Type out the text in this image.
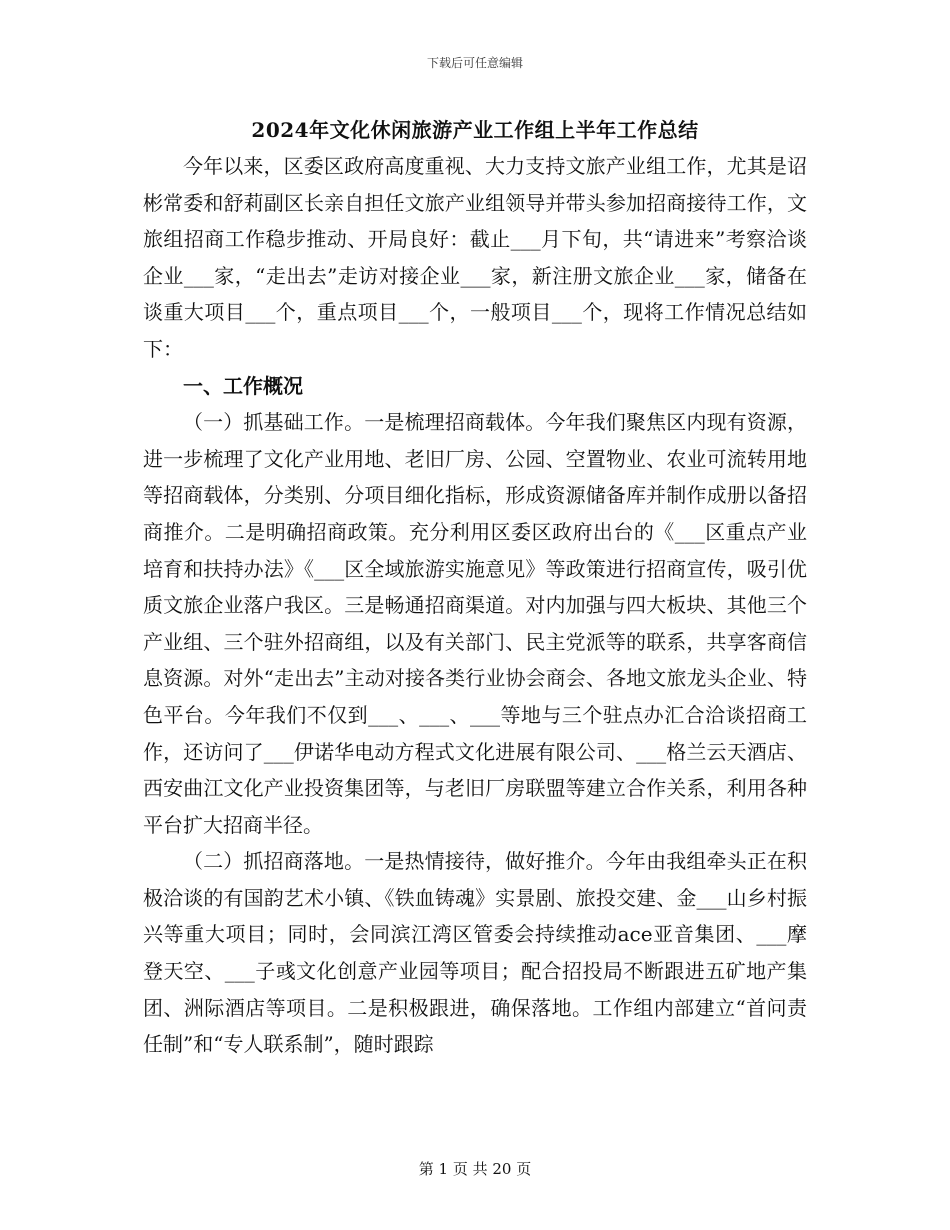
下载后可任意编辑
2024年文化休闲旅游产业工作组上半年工作总结

今年以来，区委区政府高度重视、大力支持文旅产业组工作，尤其是诏彬常委和舒莉副区长亲自担任文旅产业组领导并带头参加招商接待工作，文旅组招商工作稳步推动、开局良好：截止___月下旬，共“请进来”考察洽谈企业___家，“走出去”走访对接企业___家，新注册文旅企业___家，储备在谈重大项目___个，重点项目___个，一般项目___个，现将工作情况总结如下：

一、工作概况

（一）抓基础工作。一是梳理招商载体。今年我们聚焦区内现有资源，进一步梳理了文化产业用地、老旧厂房、公园、空置物业、农业可流转用地等招商载体，分类别、分项目细化指标，形成资源储备库并制作成册以备招商推介。二是明确招商政策。充分利用区委区政府出台的《___区重点产业培育和扶持办法》《___区全域旅游实施意见》等政策进行招商宣传，吸引优质文旅企业落户我区。三是畅通招商渠道。对内加强与四大板块、其他三个产业组、三个驻外招商组，以及有关部门、民主党派等的联系，共享客商信息资源。对外“走出去”主动对接各类行业协会商会、各地文旅龙头企业、特色平台。今年我们不仅到___、___、___等地与三个驻点办汇合洽谈招商工作，还访问了___伊诺华电动方程式文化进展有限公司、___格兰云天酒店、西安曲江文化产业投资集团等，与老旧厂房联盟等建立合作关系，利用各种平台扩大招商半径。

（二）抓招商落地。一是热情接待，做好推介。今年由我组牵头正在积极洽谈的有国韵艺术小镇、《铁血铸魂》实景剧、旅投交建、金___山乡村振兴等重大项目；同时，会同滨江湾区管委会持续推动ace亚音集团、___摩登天空、___子彧文化创意产业园等项目；配合招投局不断跟进五矿地产集团、洲际酒店等项目。二是积极跟进，确保落地。工作组内部建立“首问责任制”和“专人联系制”，随时跟踪

第 1 页 共 20 页
